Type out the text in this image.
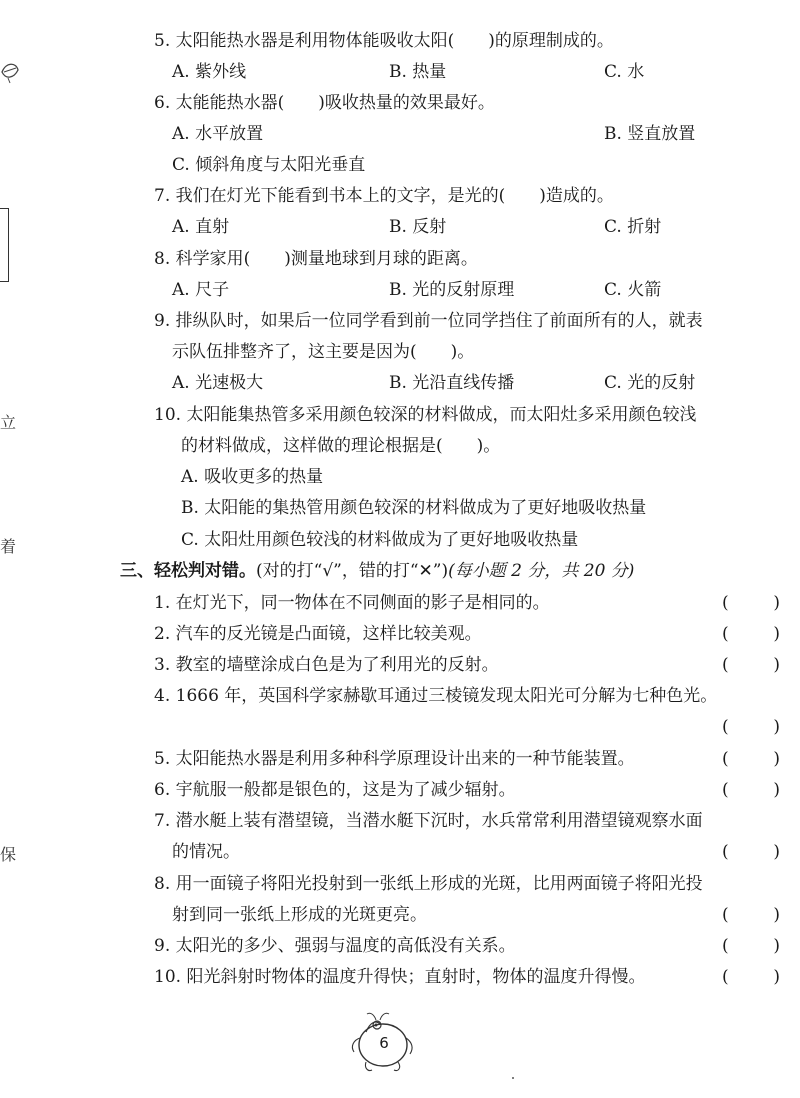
立
着
保
5. 太阳能热水器是利用物体能吸收太阳(　　)的原理制成的。
A. 紫外线	B. 热量	C. 水
6. 太能能热水器(　　)吸收热量的效果最好。
A. 水平放置	B. 竖直放置
C. 倾斜角度与太阳光垂直
7. 我们在灯光下能看到书本上的文字，是光的(　　)造成的。
A. 直射	B. 反射	C. 折射
8. 科学家用(　　)测量地球到月球的距离。
A. 尺子	B. 光的反射原理	C. 火箭
9. 排纵队时，如果后一位同学看到前一位同学挡住了前面所有的人，就表
示队伍排整齐了，这主要是因为(　　)。
A. 光速极大	B. 光沿直线传播	C. 光的反射
10. 太阳能集热管多采用颜色较深的材料做成，而太阳灶多采用颜色较浅
的材料做成，这样做的理论根据是(　　)。
A. 吸收更多的热量
B. 太阳能的集热管用颜色较深的材料做成为了更好地吸收热量
C. 太阳灶用颜色较浅的材料做成为了更好地吸收热量
三、轻松判对错。(对的打“√”，错的打“✕”)(每小题 2 分，共 20 分)
1. 在灯光下，同一物体在不同侧面的影子是相同的。	(	)
2. 汽车的反光镜是凸面镜，这样比较美观。	(	)
3. 教室的墙壁涂成白色是为了利用光的反射。	(	)
4. 1666 年，英国科学家赫歇耳通过三棱镜发现太阳光可分解为七种色光。
(	)
5. 太阳能热水器是利用多种科学原理设计出来的一种节能装置。	(	)
6. 宇航服一般都是银色的，这是为了减少辐射。	(	)
7. 潜水艇上装有潜望镜，当潜水艇下沉时，水兵常常利用潜望镜观察水面
的情况。	(	)
8. 用一面镜子将阳光投射到一张纸上形成的光斑，比用两面镜子将阳光投
射到同一张纸上形成的光斑更亮。	(	)
9. 太阳光的多少、强弱与温度的高低没有关系。	(	)
10. 阳光斜射时物体的温度升得快；直射时，物体的温度升得慢。	(	)
6
